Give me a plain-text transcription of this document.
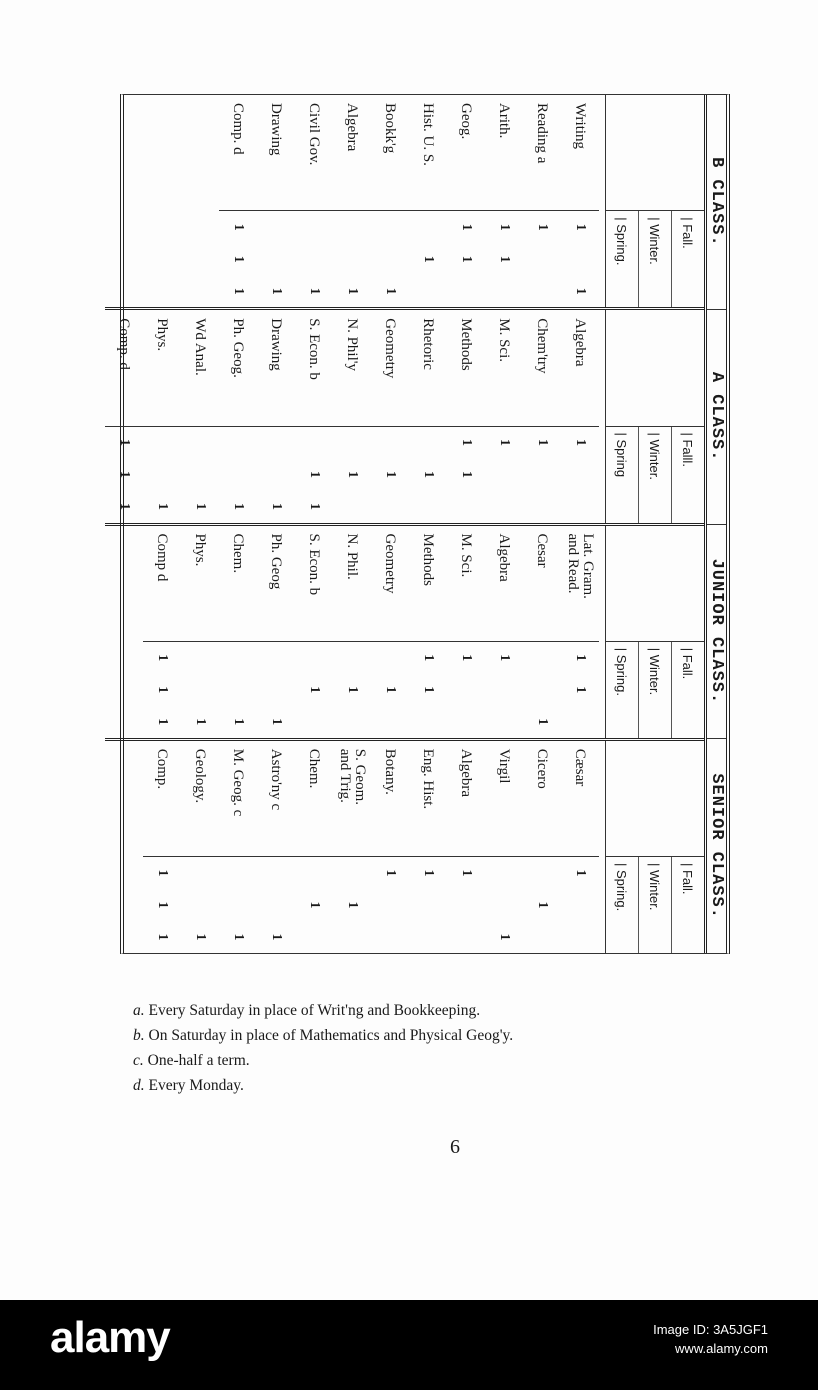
B CLASS.
A CLASS.
JUNIOR CLASS.
SENIOR CLASS.
| Fall.
| Winter.
| Spring.
Writing
1
1
Reading a
1
Arith.
1
1
Geog.
1
1
Hist. U. S.
1
Bookk'g
1
Algebra
1
Civil Gov.
1
Drawing
1
Comp. d
1
1
1
| Falll.
| Winter.
| Spring
Algebra
1
Chem'try
1
M. Sci.
1
Methods
1
1
Rhetoric
1
Geometry
1
N. Phil'y
1
S. Econ. b
1
1
Drawing
1
Ph. Geog.
1
Wd Anal.
1
Phys.
1
Comp. d
1
1
1
| Fall.
| Winter.
| Spring.
Lat. Gram.
and Read.
1
1
Cesar
1
Algebra
1
M. Sci.
1
Methods
1
1
Geometry
1
N. Phil.
1
S. Econ. b
1
Ph. Geog
1
Chem.
1
Phys.
1
Comp d
1
1
1
| Fall.
| Winter.
| Spring.
Cæsar
1
Cicero
1
Virgil
1
Algebra
1
Eng. Hist.
1
Botany.
1
S. Geom.
and Trig.
1
Chem.
1
Astro'ny c
1
M. Geog. c
1
Geology.
1
Comp.
1
1
1
a. Every Saturday in place of Writ'ng and Bookkeeping.
b. On Saturday in place of Mathematics and Physical Geog'y.
c. One-half a term.
d. Every Monday.
6
alamy	Image ID: 3A5JGF1
www.alamy.com
